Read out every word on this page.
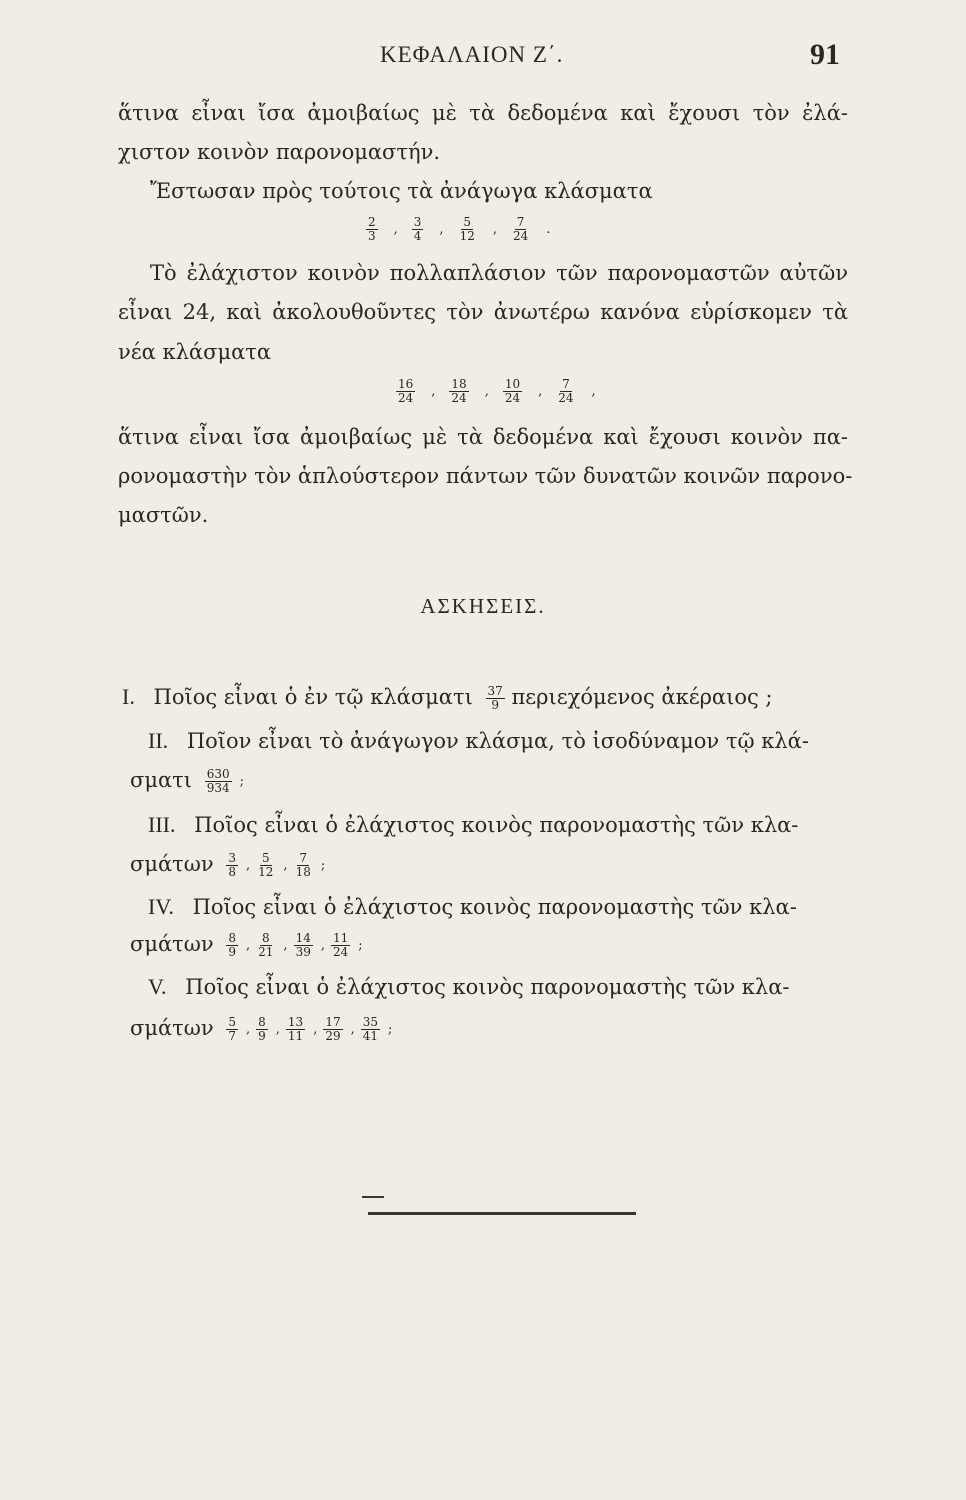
ΚΕΦΑΛΑΙΟΝ Ζ΄.	91
ἅτινα εἶναι ἴσα ἀμοιβαίως μὲ τὰ δεδομένα καὶ ἔχουσι τὸν ἐλά-
χιστον κοινὸν παρονομαστήν.
Ἔστωσαν πρὸς τούτοις τὰ ἀνάγωγα κλάσματα
$\frac{2}{3}$ , $\frac{3}{4}$ , $\frac{5}{12}$ , $\frac{7}{24}$ .
Τὸ ἐλάχιστον κοινὸν πολλαπλάσιον τῶν παρονομαστῶν αὐτῶν
εἶναι 24, καὶ ἀκολουθοῦντες τὸν ἀνωτέρω κανόνα εὑρίσκομεν τὰ
νέα κλάσματα
$\frac{16}{24}$ , $\frac{18}{24}$ , $\frac{10}{24}$ , $\frac{7}{24}$ ,
ἅτινα εἶναι ἴσα ἀμοιβαίως μὲ τὰ δεδομένα καὶ ἔχουσι κοινὸν πα-
ρονομαστὴν τὸν ἁπλούστερον πάντων τῶν δυνατῶν κοινῶν παρονο-
μαστῶν.
ΑΣΚΗΣΕΙΣ.
I. Ποῖος εἶναι ὁ ἐν τῷ κλάσματι $\frac{37}{9}$ περιεχόμενος ἀκέραιος ;
II. Ποῖον εἶναι τὸ ἀνάγωγον κλάσμα, τὸ ἰσοδύναμον τῷ κλά-
σματι $\frac{630}{934}$ ;
III. Ποῖος εἶναι ὁ ἐλάχιστος κοινὸς παρονομαστὴς τῶν κλα-
σμάτων $\frac{3}{8}$ , $\frac{5}{12}$ , $\frac{7}{18}$ ;
IV. Ποῖος εἶναι ὁ ἐλάχιστος κοινὸς παρονομαστὴς τῶν κλα-
σμάτων $\frac{8}{9}$ , $\frac{8}{21}$ , $\frac{14}{39}$ , $\frac{11}{24}$ ;
V. Ποῖος εἶναι ὁ ἐλάχιστος κοινὸς παρονομαστὴς τῶν κλα-
σμάτων $\frac{5}{7}$ , $\frac{8}{9}$ , $\frac{13}{11}$ , $\frac{17}{29}$ , $\frac{35}{41}$ ;
